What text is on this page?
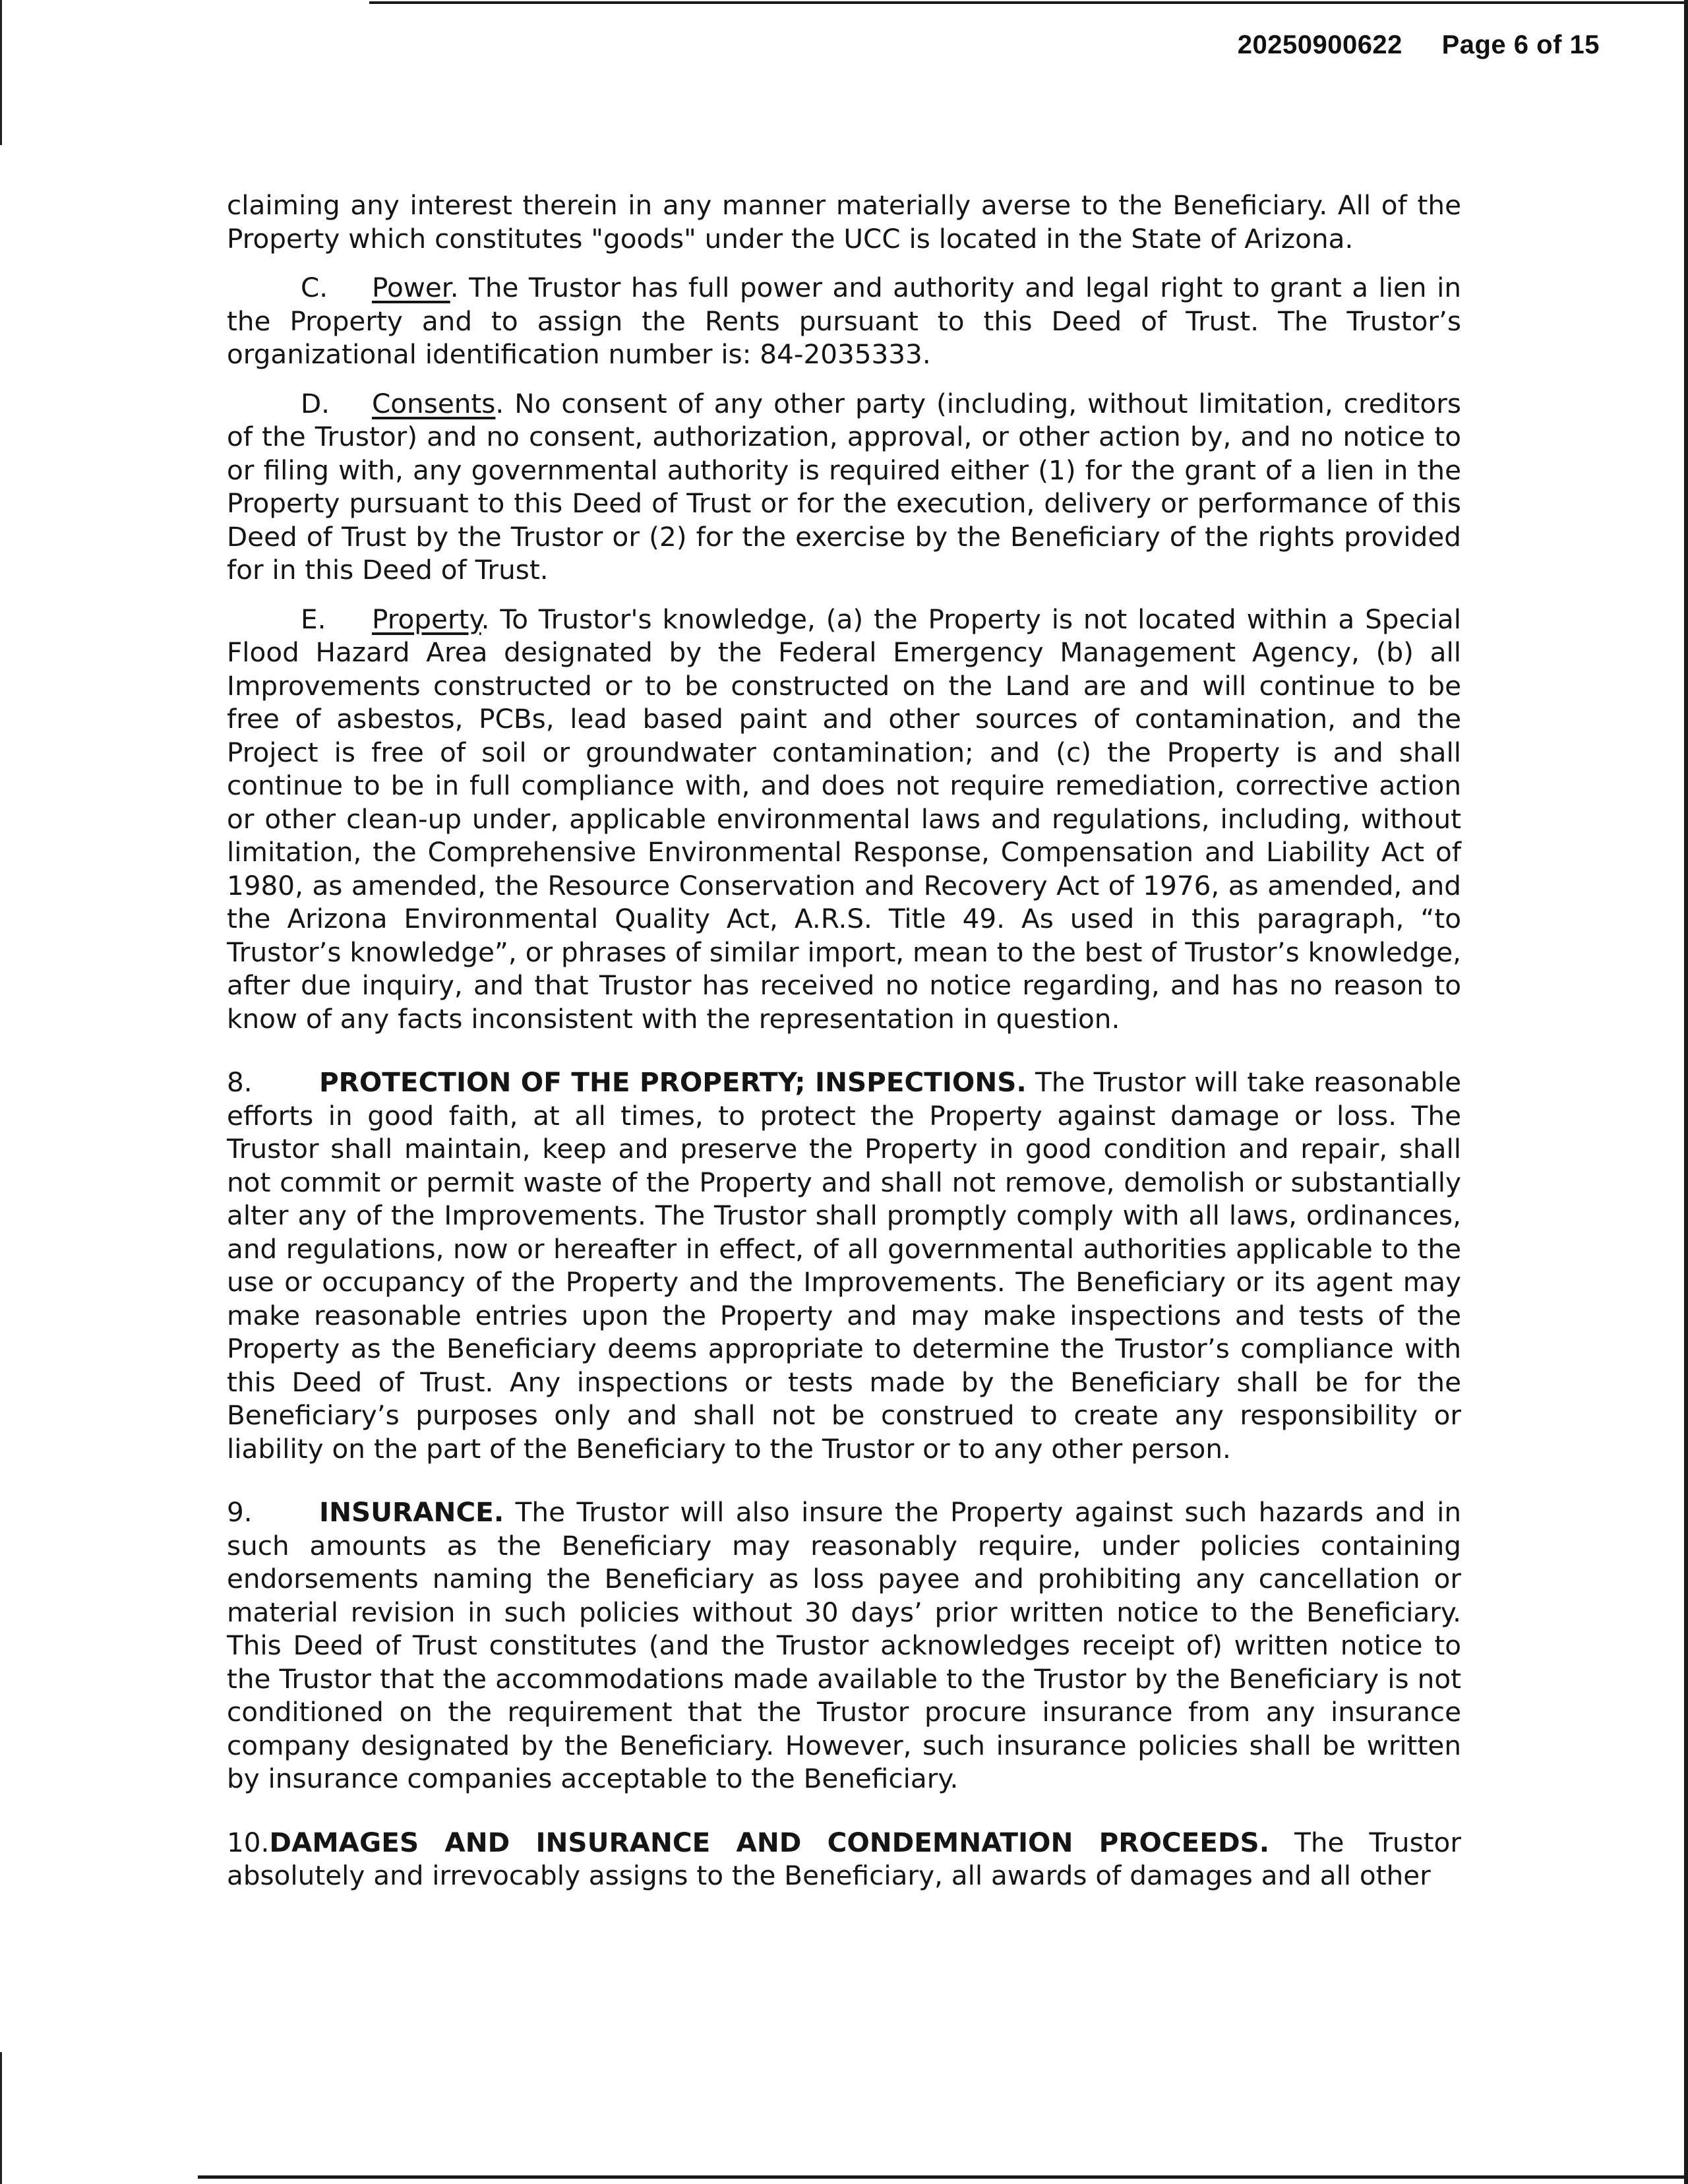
20250900622 Page 6 of 15

claiming any interest therein in any manner materially averse to the Beneficiary. All of the Property which constitutes "goods" under the UCC is located in the State of Arizona.

C. Power. The Trustor has full power and authority and legal right to grant a lien in the Property and to assign the Rents pursuant to this Deed of Trust. The Trustor’s organizational identification number is: 84-2035333.

D. Consents. No consent of any other party (including, without limitation, creditors of the Trustor) and no consent, authorization, approval, or other action by, and no notice to or filing with, any governmental authority is required either (1) for the grant of a lien in the Property pursuant to this Deed of Trust or for the execution, delivery or performance of this Deed of Trust by the Trustor or (2) for the exercise by the Beneficiary of the rights provided for in this Deed of Trust.

E. Property. To Trustor's knowledge, (a) the Property is not located within a Special Flood Hazard Area designated by the Federal Emergency Management Agency, (b) all Improvements constructed or to be constructed on the Land are and will continue to be free of asbestos, PCBs, lead based paint and other sources of contamination, and the Project is free of soil or groundwater contamination; and (c) the Property is and shall continue to be in full compliance with, and does not require remediation, corrective action or other clean-up under, applicable environmental laws and regulations, including, without limitation, the Comprehensive Environmental Response, Compensation and Liability Act of 1980, as amended, the Resource Conservation and Recovery Act of 1976, as amended, and the Arizona Environmental Quality Act, A.R.S. Title 49. As used in this paragraph, “to Trustor’s knowledge”, or phrases of similar import, mean to the best of Trustor’s knowledge, after due inquiry, and that Trustor has received no notice regarding, and has no reason to know of any facts inconsistent with the representation in question.

8.	PROTECTION OF THE PROPERTY; INSPECTIONS. The Trustor will take reasonable efforts in good faith, at all times, to protect the Property against damage or loss. The Trustor shall maintain, keep and preserve the Property in good condition and repair, shall not commit or permit waste of the Property and shall not remove, demolish or substantially alter any of the Improvements. The Trustor shall promptly comply with all laws, ordinances, and regulations, now or hereafter in effect, of all governmental authorities applicable to the use or occupancy of the Property and the Improvements. The Beneficiary or its agent may make reasonable entries upon the Property and may make inspections and tests of the Property as the Beneficiary deems appropriate to determine the Trustor’s compliance with this Deed of Trust. Any inspections or tests made by the Beneficiary shall be for the Beneficiary’s purposes only and shall not be construed to create any responsibility or liability on the part of the Beneficiary to the Trustor or to any other person.

9.	INSURANCE. The Trustor will also insure the Property against such hazards and in such amounts as the Beneficiary may reasonably require, under policies containing endorsements naming the Beneficiary as loss payee and prohibiting any cancellation or material revision in such policies without 30 days’ prior written notice to the Beneficiary. This Deed of Trust constitutes (and the Trustor acknowledges receipt of) written notice to the Trustor that the accommodations made available to the Trustor by the Beneficiary is not conditioned on the requirement that the Trustor procure insurance from any insurance company designated by the Beneficiary. However, such insurance policies shall be written by insurance companies acceptable to the Beneficiary.

10.DAMAGES AND INSURANCE AND CONDEMNATION PROCEEDS. The Trustor absolutely and irrevocably assigns to the Beneficiary, all awards of damages and all other
